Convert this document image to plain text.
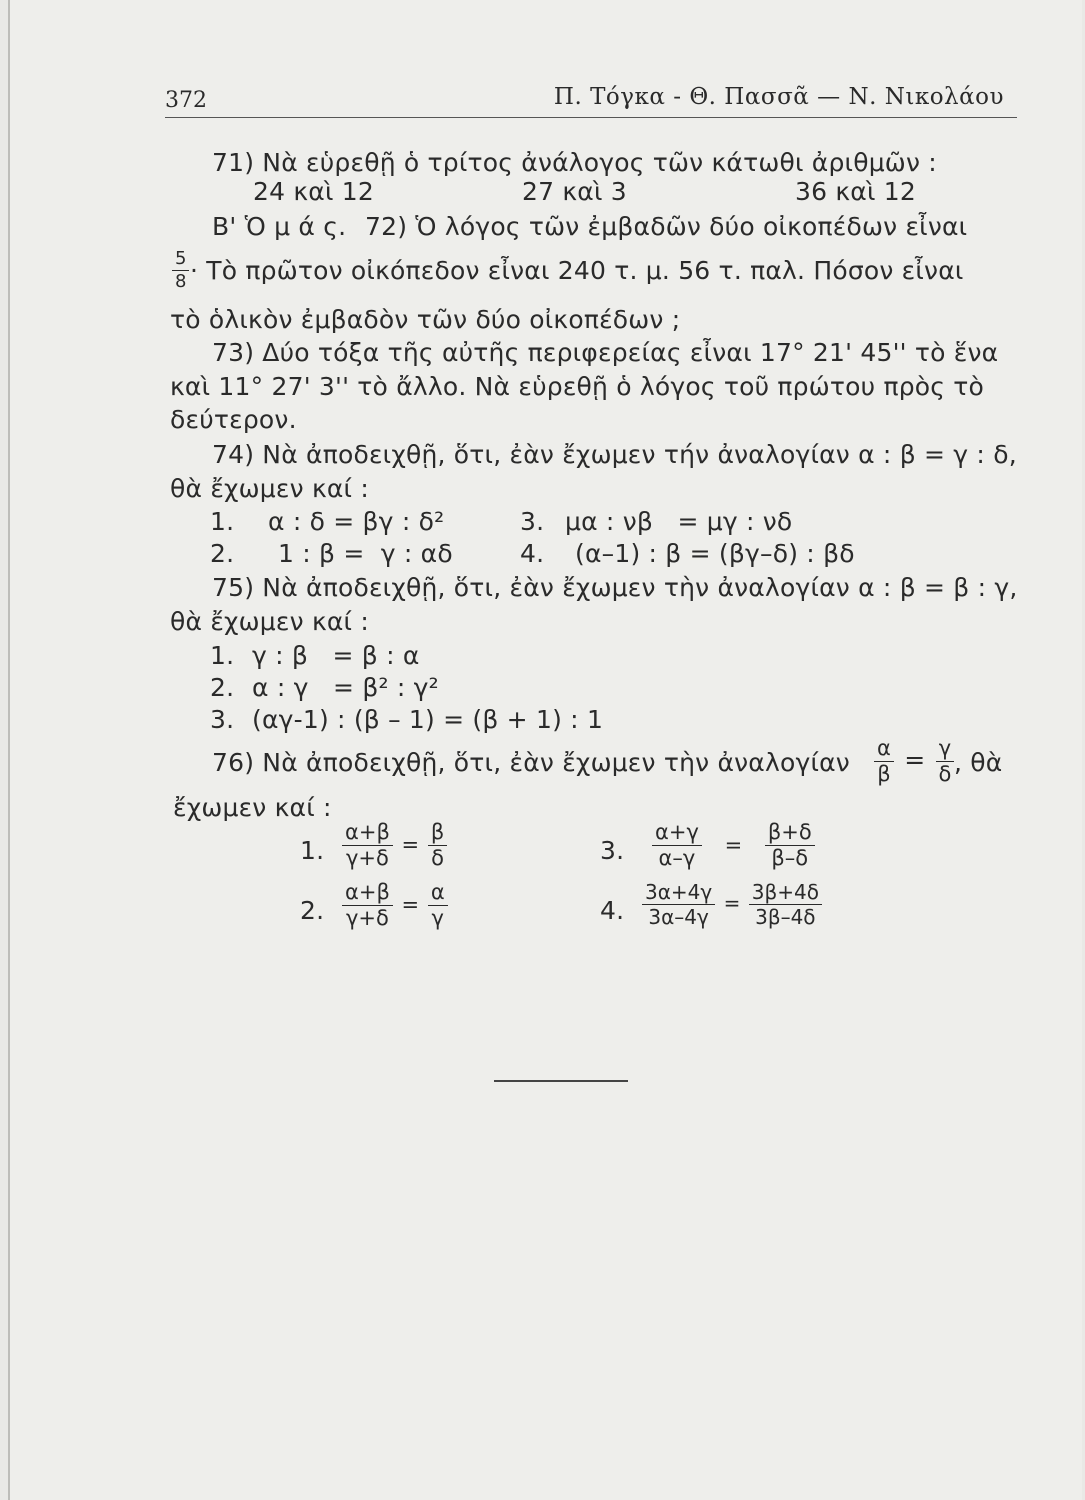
372	Π. Τόγκα - Θ. Πασσᾶ — Ν. Νικολάου
71) Νὰ εὑρεθῇ ὁ τρίτος ἀνάλογος τῶν κάτωθι ἀριθμῶν :
24 καὶ 12	27 καὶ 3	36 καὶ 12
Β' Ὁ μ ά ς. 72) Ὁ λόγος τῶν ἐμβαδῶν δύο οἰκοπέδων εἶναι
$\frac{5}{8}$ · Τὸ πρῶτον οἰκόπεδον εἶναι 240 τ. μ. 56 τ. παλ. Πόσον εἶναι
τὸ ὁλικὸν ἐμβαδὸν τῶν δύο οἰκοπέδων ;
73) Δύο τόξα τῆς αὐτῆς περιφερείας εἶναι 17° 21' 45'' τὸ ἕνα
καὶ 11° 27' 3'' τὸ ἄλλο. Νὰ εὑρεθῇ ὁ λόγος τοῦ πρώτου πρὸς τὸ
δεύτερον.
74) Νὰ ἀποδειχθῇ, ὅτι, ἐὰν ἔχωμεν τήν ἀναλογίαν α : β = γ : δ,
θὰ ἔχωμεν καί :
1. α : δ = βγ : δ²	3. μα : νβ   = μγ : νδ
2. 1 : β =  γ : αδ	4. (α–1) : β = (βγ–δ) : βδ
75) Νὰ ἀποδειχθῇ, ὅτι, ἐὰν ἔχωμεν τὴν ἀναλογίαν α : β = β : γ,
θὰ ἔχωμεν καί :
1. γ : β   = β : α
2. α : γ   = β² : γ²
3. (αγ-1) : (β – 1) = (β + 1) : 1
76) Νὰ ἀποδειχθῇ, ὅτι, ἐὰν ἔχωμεν τὴν ἀναλογίαν $\frac{\alpha}{\beta} = \frac{\gamma}{\delta}$ , θὰ
ἔχωμεν καί :
1. $\frac{\alpha+\beta}{\gamma+\delta} = \frac{\beta}{\delta}$	3. $\frac{\alpha+\gamma}{\alpha-\gamma} = \frac{\beta+\delta}{\beta-\delta}$
2. $\frac{\alpha+\beta}{\gamma+\delta} = \frac{\alpha}{\gamma}$	4. $\frac{3\alpha+4\gamma}{3\alpha-4\gamma} = \frac{3\beta+4\delta}{3\beta-4\delta}$
